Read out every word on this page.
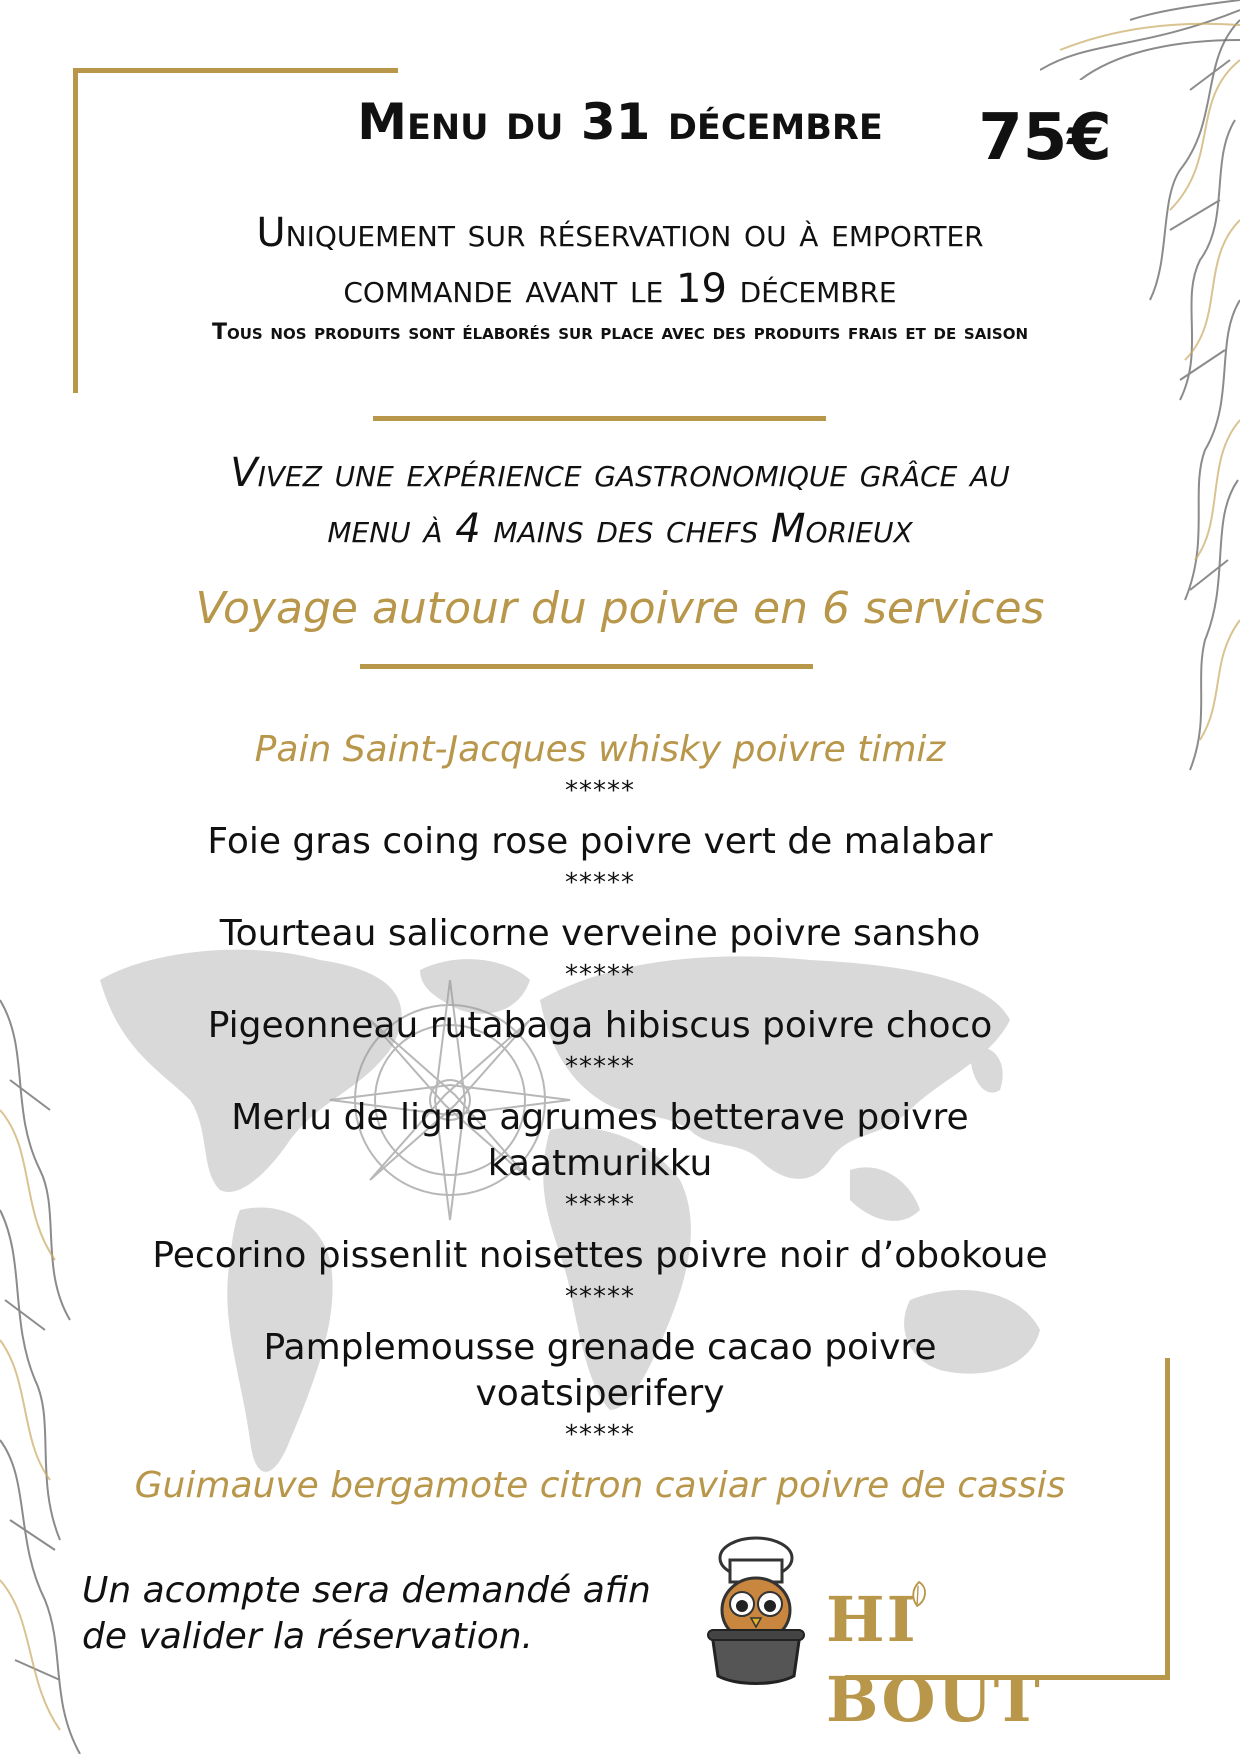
Menu du 31 décembre	75€
Uniquement sur réservation ou à emporter
commande avant le 19 décembre
Tous nos produits sont élaborés sur place avec des produits frais et de saison
Vivez une expérience gastronomique grâce au
menu à 4 mains des chefs Morieux
Voyage autour du poivre en 6 services
Pain Saint-Jacques whisky poivre timiz
*****
Foie gras coing rose poivre vert de malabar
*****
Tourteau salicorne verveine poivre sansho
*****
Pigeonneau rutabaga hibiscus poivre choco
*****
Merlu de ligne agrumes betterave poivre
kaatmurikku
*****
Pecorino pissenlit noisettes poivre noir d’obokoue
*****
Pamplemousse grenade cacao poivre
voatsiperifery
*****
Guimauve bergamote citron caviar poivre de cassis
Un acompte sera demandé afin
de valider la réservation.	HI BOUT
